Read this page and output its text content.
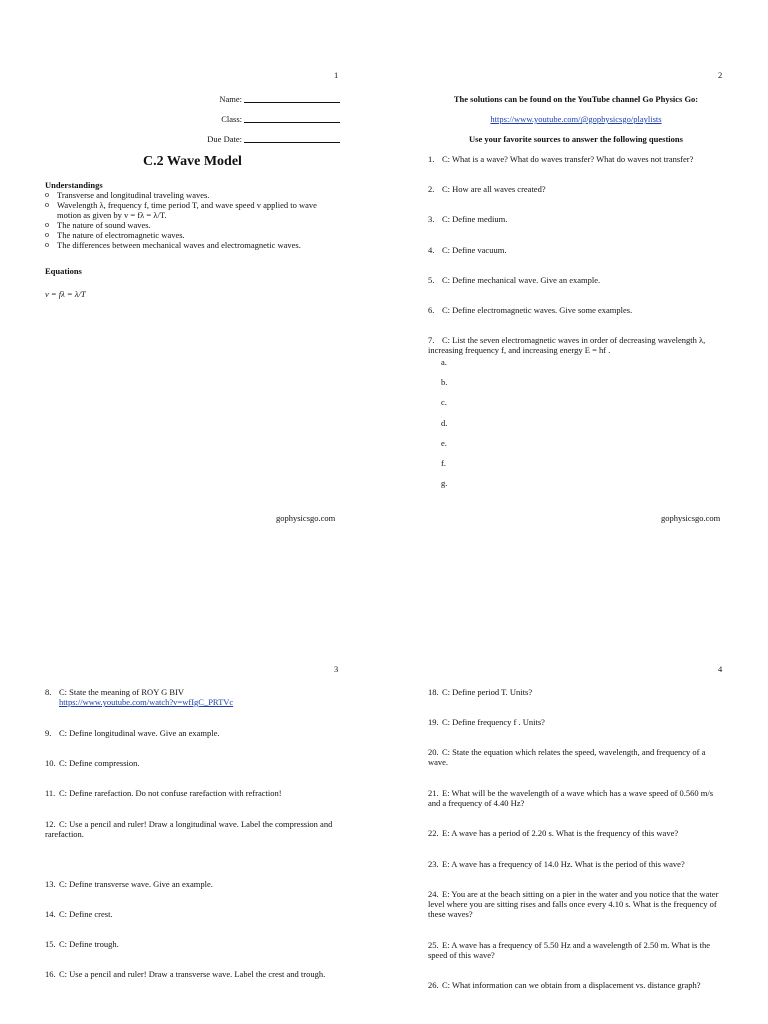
1
Name:
Class:
Due Date:
C.2 Wave Model
Understandings
o Transverse and longitudinal traveling waves.
o Wavelength λ, frequency f, time period T, and wave speed v applied to wave motion as given by v = fλ = λ/T.
o The nature of sound waves.
o The nature of electromagnetic waves.
o The differences between mechanical waves and electromagnetic waves.
Equations
v = fλ = λ/T
gophysicsgo.com
2
The solutions can be found on the YouTube channel Go Physics Go:
https://www.youtube.com/@gophysicsgo/playlists
Use your favorite sources to answer the following questions
1. C: What is a wave? What do waves transfer? What do waves not transfer?
2. C: How are all waves created?
3. C: Define medium.
4. C: Define vacuum.
5. C: Define mechanical wave. Give an example.
6. C: Define electromagnetic waves. Give some examples.
7. C: List the seven electromagnetic waves in order of decreasing wavelength λ, increasing frequency f, and increasing energy E = hf .
a.
b.
c.
d.
e.
f.
g.
gophysicsgo.com
3
8. C: State the meaning of ROY G BIV
https://www.youtube.com/watch?v=wfIgC_PRTVc
9. C: Define longitudinal wave. Give an example.
10. C: Define compression.
11. C: Define rarefaction. Do not confuse rarefaction with refraction!
12. C: Use a pencil and ruler! Draw a longitudinal wave. Label the compression and rarefaction.
13. C: Define transverse wave. Give an example.
14. C: Define crest.
15. C: Define trough.
16. C: Use a pencil and ruler! Draw a transverse wave. Label the crest and trough.
4
18. C: Define period T. Units?
19. C: Define frequency f . Units?
20. C: State the equation which relates the speed, wavelength, and frequency of a wave.
21. E: What will be the wavelength of a wave which has a wave speed of 0.560 m/s and a frequency of 4.40 Hz?
22. E: A wave has a period of 2.20 s. What is the frequency of this wave?
23. E: A wave has a frequency of 14.0 Hz. What is the period of this wave?
24. E: You are at the beach sitting on a pier in the water and you notice that the water level where you are sitting rises and falls once every 4.10 s. What is the frequency of these waves?
25. E: A wave has a frequency of 5.50 Hz and a wavelength of 2.50 m. What is the speed of this wave?
26. C: What information can we obtain from a displacement vs. distance graph?
